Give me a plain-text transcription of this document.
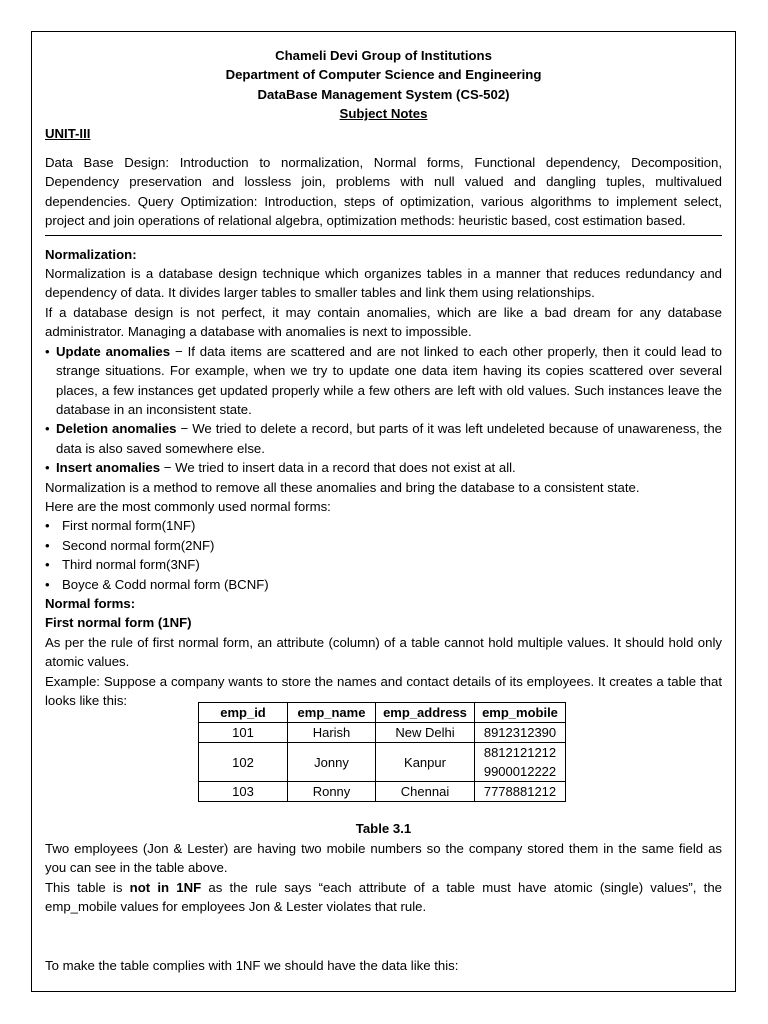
Chameli Devi Group of Institutions
Department of Computer Science and Engineering
DataBase Management System (CS-502)
Subject Notes
UNIT-III

Data Base Design: Introduction to normalization, Normal forms, Functional dependency, Decomposition, Dependency preservation and lossless join, problems with null valued and dangling tuples, multivalued dependencies. Query Optimization: Introduction, steps of optimization, various algorithms to implement select, project and join operations of relational algebra, optimization methods: heuristic based, cost estimation based.

Normalization:

Normalization is a database design technique which organizes tables in a manner that reduces redundancy and dependency of data. It divides larger tables to smaller tables and link them using relationships.

If a database design is not perfect, it may contain anomalies, which are like a bad dream for any database administrator. Managing a database with anomalies is next to impossible.

• Update anomalies − If data items are scattered and are not linked to each other properly, then it could lead to strange situations. For example, when we try to update one data item having its copies scattered over several places, a few instances get updated properly while a few others are left with old values. Such instances leave the database in an inconsistent state.
• Deletion anomalies − We tried to delete a record, but parts of it was left undeleted because of unawareness, the data is also saved somewhere else.
• Insert anomalies − We tried to insert data in a record that does not exist at all.

Normalization is a method to remove all these anomalies and bring the database to a consistent state.

Here are the most commonly used normal forms:

• First normal form(1NF)
• Second normal form(2NF)
• Third normal form(3NF)
• Boyce & Codd normal form (BCNF)
Normal forms:
First normal form (1NF)

As per the rule of first normal form, an attribute (column) of a table cannot hold multiple values. It should hold only atomic values.

Example: Suppose a company wants to store the names and contact details of its employees. It creates a table that looks like this:

emp_id	emp_name	emp_address	emp_mobile
101	Harish	New Delhi	8912312390
102	Jonny	Kanpur	8812121212
9900012222

103	Ronny	Chennai	7778881212
Table 3.1

Two employees (Jon & Lester) are having two mobile numbers so the company stored them in the same field as you can see in the table above.

This table is not in 1NF as the rule says “each attribute of a table must have atomic (single) values”, the emp_mobile values for employees Jon & Lester violates that rule.

To make the table complies with 1NF we should have the data like this:
